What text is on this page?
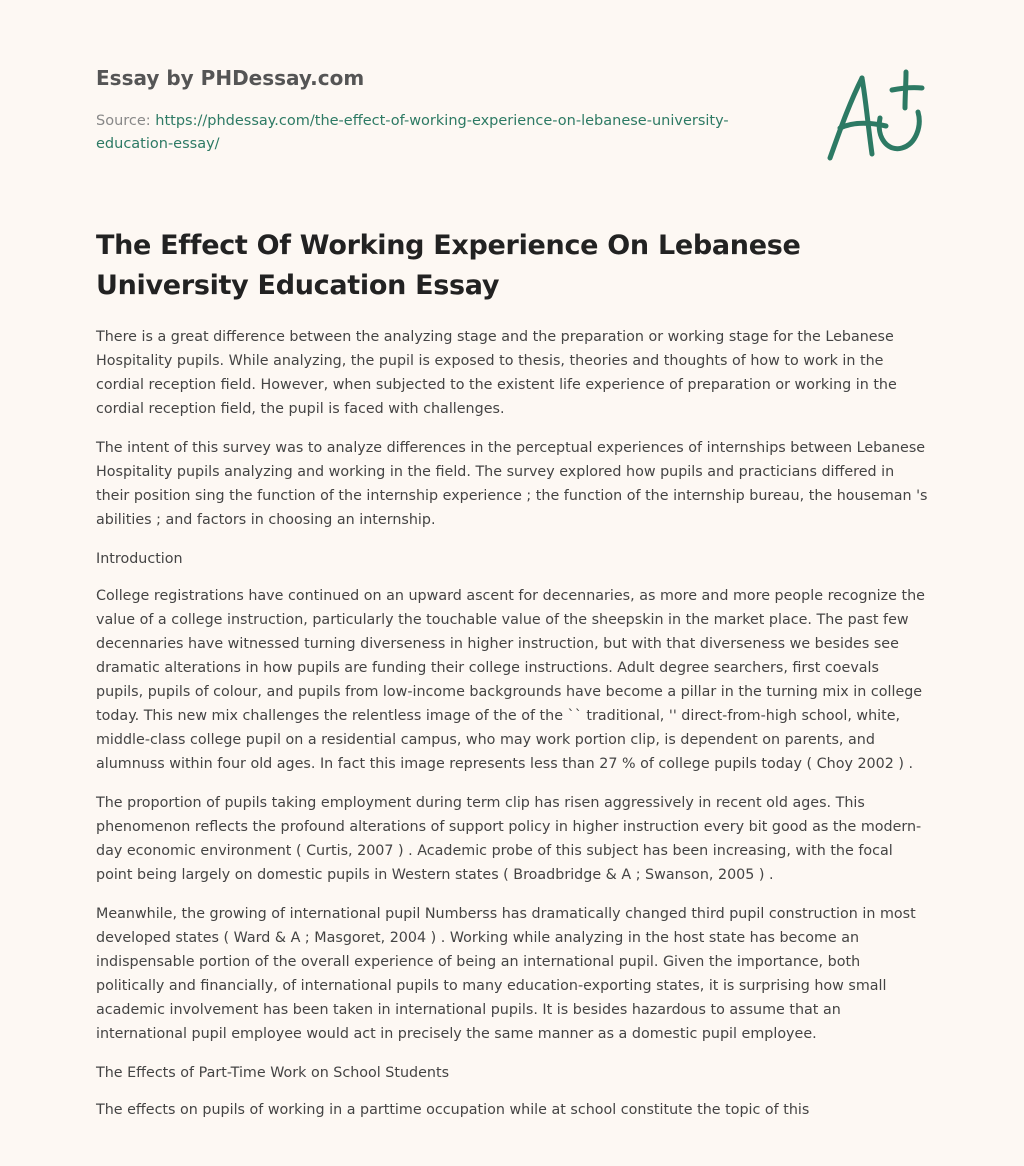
Essay by PHDessay.com
Source: https://phdessay.com/the-effect-of-working-experience-on-lebanese-university-education-essay/
The Effect Of Working Experience On Lebanese University Education Essay

There is a great difference between the analyzing stage and the preparation or working stage for the Lebanese Hospitality pupils. While analyzing, the pupil is exposed to thesis, theories and thoughts of how to work in the cordial reception field. However, when subjected to the existent life experience of preparation or working in the cordial reception field, the pupil is faced with challenges.

The intent of this survey was to analyze differences in the perceptual experiences of internships between Lebanese Hospitality pupils analyzing and working in the field. The survey explored how pupils and practicians differed in their position sing the function of the internship experience ; the function of the internship bureau, the houseman 's abilities ; and factors in choosing an internship.

Introduction

College registrations have continued on an upward ascent for decennaries, as more and more people recognize the value of a college instruction, particularly the touchable value of the sheepskin in the market place. The past few decennaries have witnessed turning diverseness in higher instruction, but with that diverseness we besides see dramatic alterations in how pupils are funding their college instructions. Adult degree searchers, first coevals pupils, pupils of colour, and pupils from low-income backgrounds have become a pillar in the turning mix in college today. This new mix challenges the relentless image of the of the `` traditional, '' direct-from-high school, white, middle-class college pupil on a residential campus, who may work portion clip, is dependent on parents, and alumnuss within four old ages. In fact this image represents less than 27 % of college pupils today ( Choy 2002 ) .

The proportion of pupils taking employment during term clip has risen aggressively in recent old ages. This phenomenon reflects the profound alterations of support policy in higher instruction every bit good as the modern-day economic environment ( Curtis, 2007 ) . Academic probe of this subject has been increasing, with the focal point being largely on domestic pupils in Western states ( Broadbridge & A ; Swanson, 2005 ) .

Meanwhile, the growing of international pupil Numberss has dramatically changed third pupil construction in most developed states ( Ward & A ; Masgoret, 2004 ) . Working while analyzing in the host state has become an indispensable portion of the overall experience of being an international pupil. Given the importance, both politically and financially, of international pupils to many education-exporting states, it is surprising how small academic involvement has been taken in international pupils. It is besides hazardous to assume that an international pupil employee would act in precisely the same manner as a domestic pupil employee.

The Effects of Part-Time Work on School Students

The effects on pupils of working in a parttime occupation while at school constitute the topic of this
